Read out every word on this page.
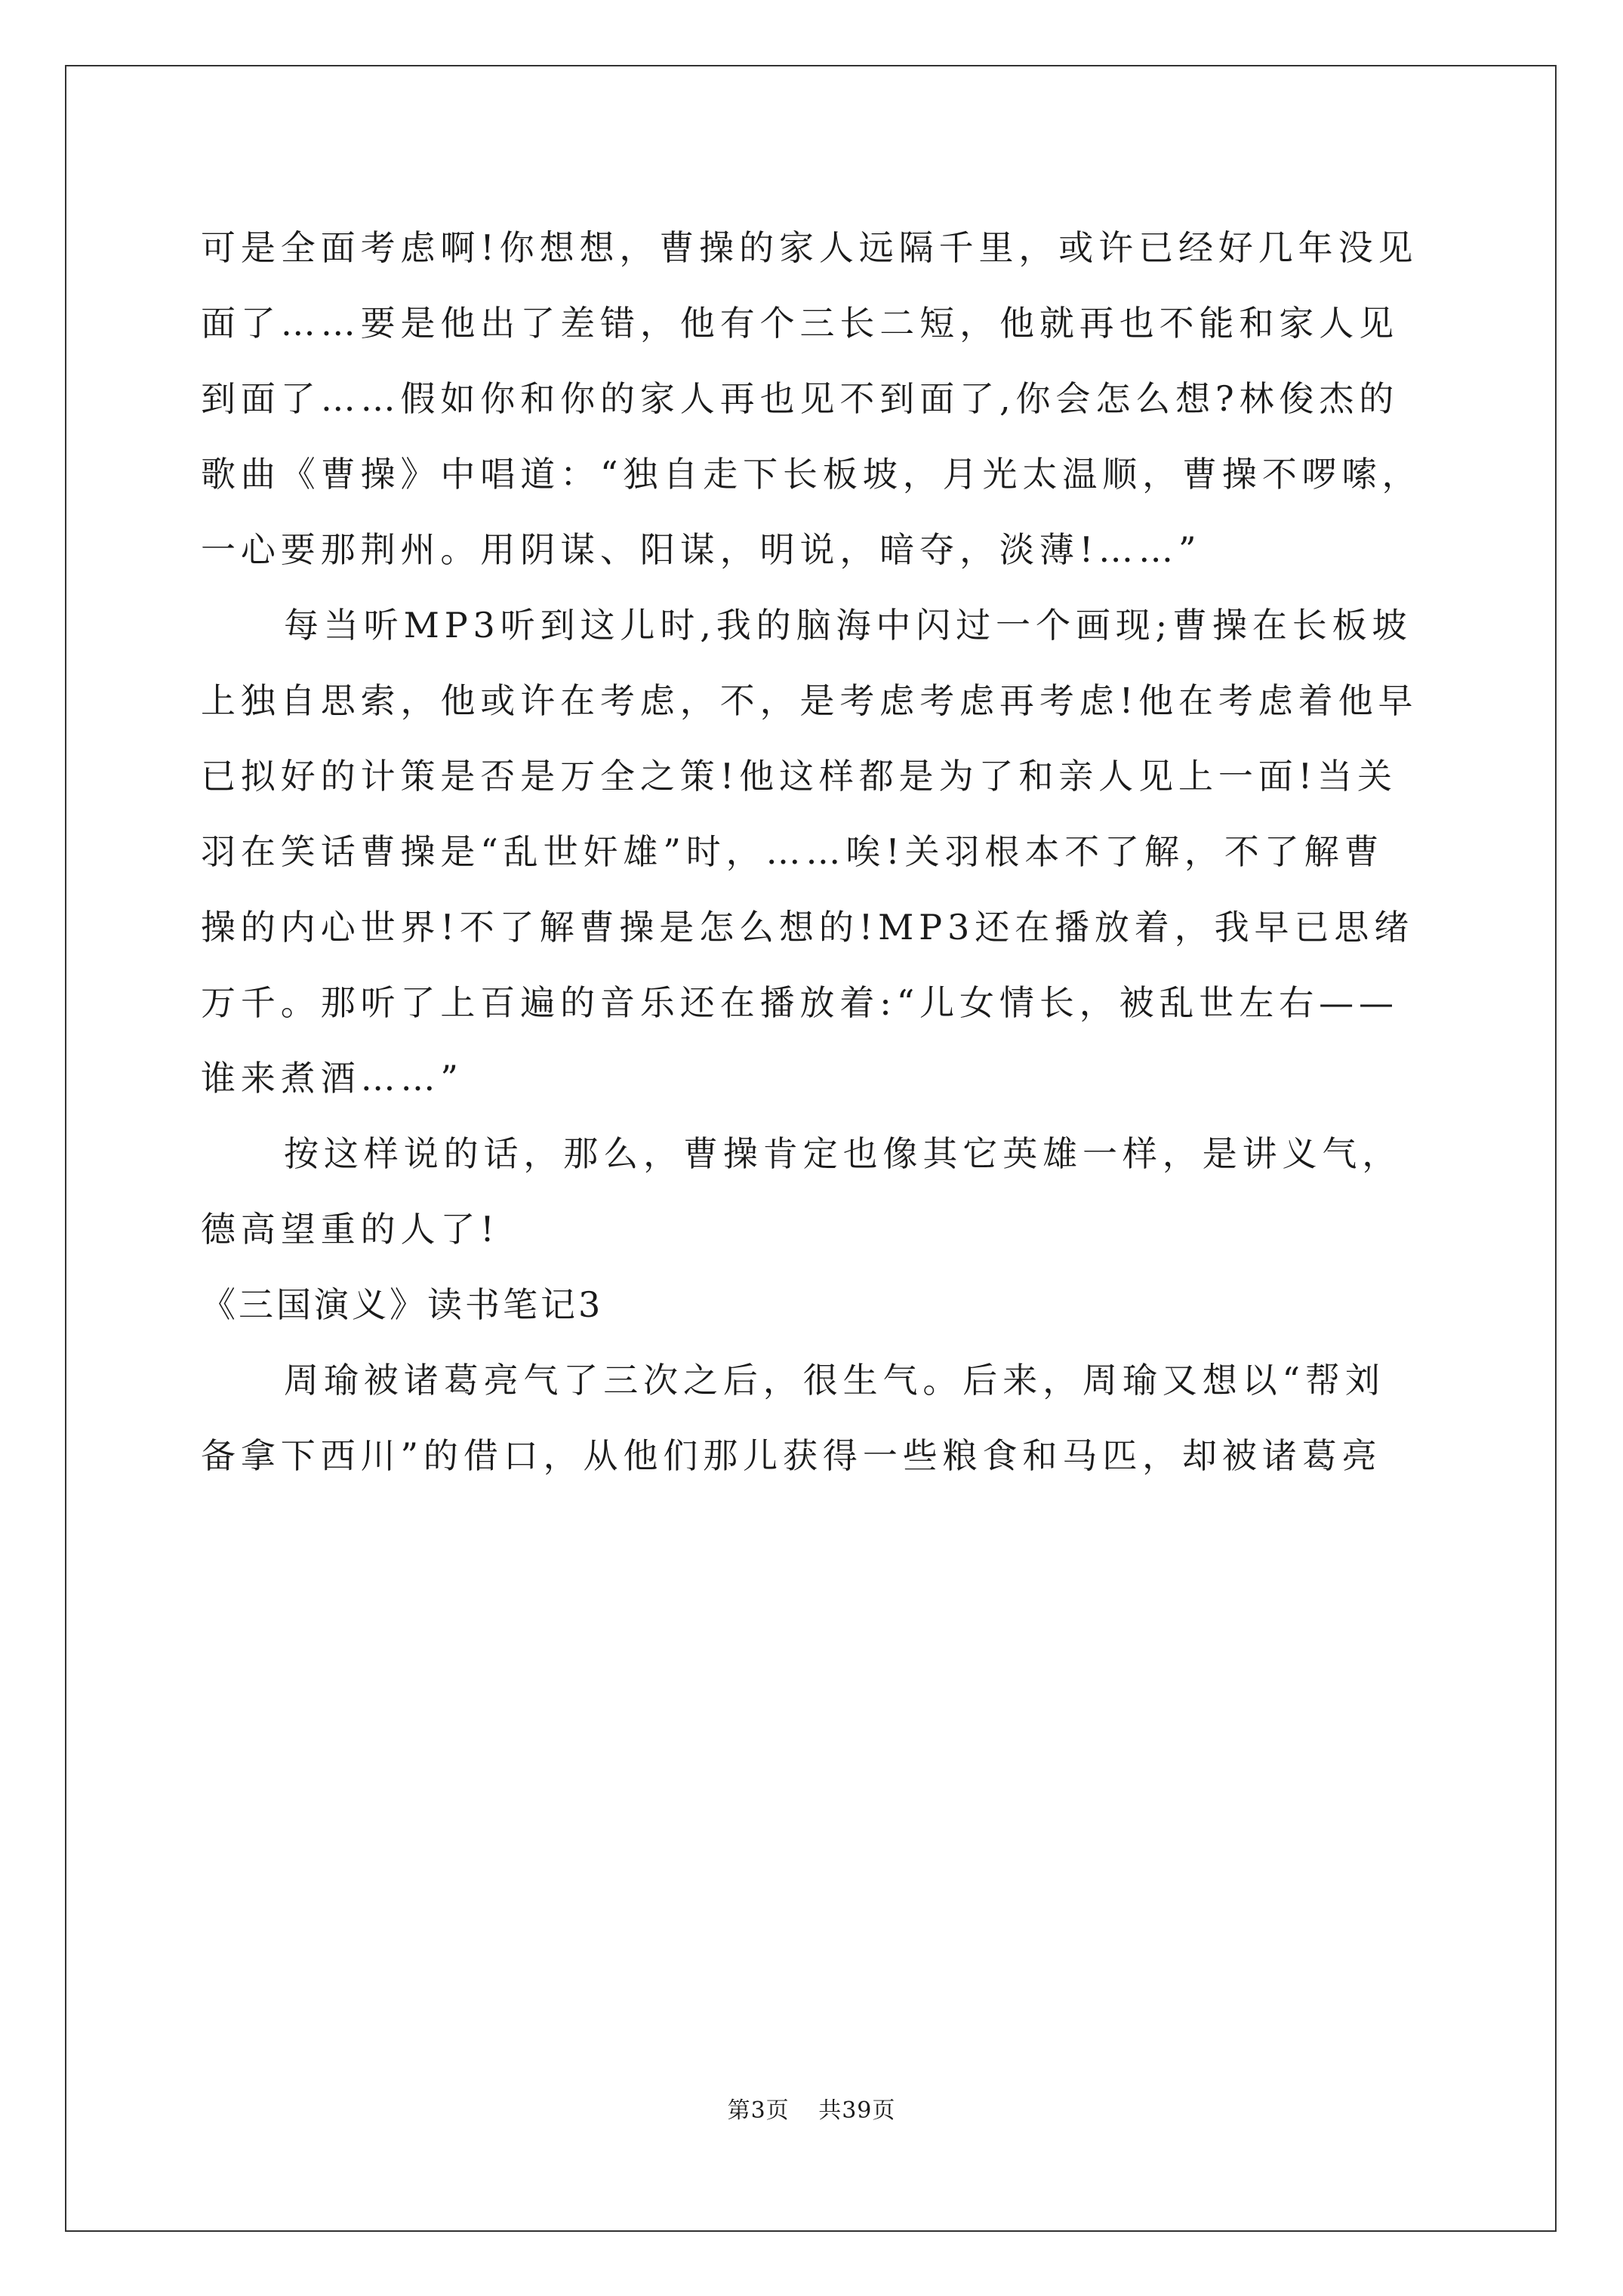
可是全面考虑啊!你想想，曹操的家人远隔千里，或许已经好几年没见
面了……要是他出了差错，他有个三长二短，他就再也不能和家人见
到面了……假如你和你的家人再也见不到面了,你会怎么想?林俊杰的
歌曲《曹操》中唱道：“独自走下长板坡，月光太温顺，曹操不啰嗦，
一心要那荆州。用阴谋、阳谋，明说，暗夺，淡薄!……”
每当听MP3听到这儿时,我的脑海中闪过一个画现;曹操在长板坡
上独自思索，他或许在考虑，不，是考虑考虑再考虑!他在考虑着他早
已拟好的计策是否是万全之策!他这样都是为了和亲人见上一面!当关
羽在笑话曹操是“乱世奸雄”时，……唉!关羽根本不了解，不了解曹
操的内心世界!不了解曹操是怎么想的!MP3还在播放着，我早已思绪
万千。那听了上百遍的音乐还在播放着:“儿女情长，被乱世左右——
谁来煮酒……”
按这样说的话，那么，曹操肯定也像其它英雄一样，是讲义气，
德高望重的人了!
《三国演义》读书笔记3
周瑜被诸葛亮气了三次之后，很生气。后来，周瑜又想以“帮刘
备拿下西川”的借口，从他们那儿获得一些粮食和马匹，却被诸葛亮
第3页 共39页
